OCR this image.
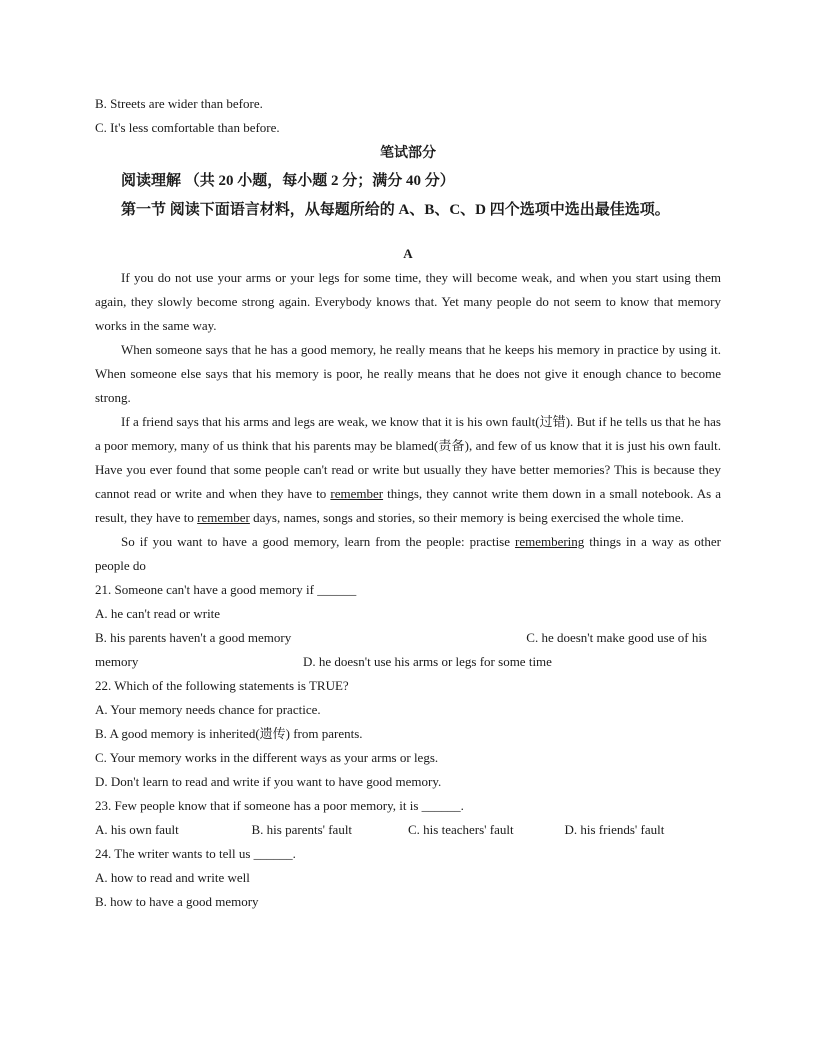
B. Streets are wider than before.
C. It's less comfortable than before.
笔试部分
阅读理解 （共 20 小题，每小题 2 分；满分 40 分）
第一节 阅读下面语言材料，从每题所给的 A、B、C、D 四个选项中选出最佳选项。
A
If you do not use your arms or your legs for some time, they will become weak, and when you start using them again, they slowly become strong again. Everybody knows that. Yet many people do not seem to know that memory works in the same way.
When someone says that he has a good memory, he really means that he keeps his memory in practice by using it. When someone else says that his memory is poor, he really means that he does not give it enough chance to become strong.
If a friend says that his arms and legs are weak, we know that it is his own fault(过错). But if he tells us that he has a poor memory, many of us think that his parents may be blamed(责备), and few of us know that it is just his own fault. Have you ever found that some people can't read or write but usually they have better memories? This is because they cannot read or write and when they have to remember things, they cannot write them down in a small notebook. As a result, they have to remember days, names, songs and stories, so their memory is being exercised the whole time.
So if you want to have a good memory, learn from the people: practise remembering things in a way as other people do
21. Someone can't have a good memory if ______
A. he can't read or write
B. his parents haven't a good memory	C. he doesn't make good use of his
memory	D. he doesn't use his arms or legs for some time
22. Which of the following statements is TRUE?
A. Your memory needs chance for practice.
B. A good memory is inherited(遗传) from parents.
C. Your memory works in the different ways as your arms or legs.
D. Don't learn to read and write if you want to have good memory.
23. Few people know that if someone has a poor memory, it is ______.
A. his own fault	B. his parents' fault	C. his teachers' fault	D. his friends' fault
24. The writer wants to tell us ______.
A. how to read and write well
B. how to have a good memory
